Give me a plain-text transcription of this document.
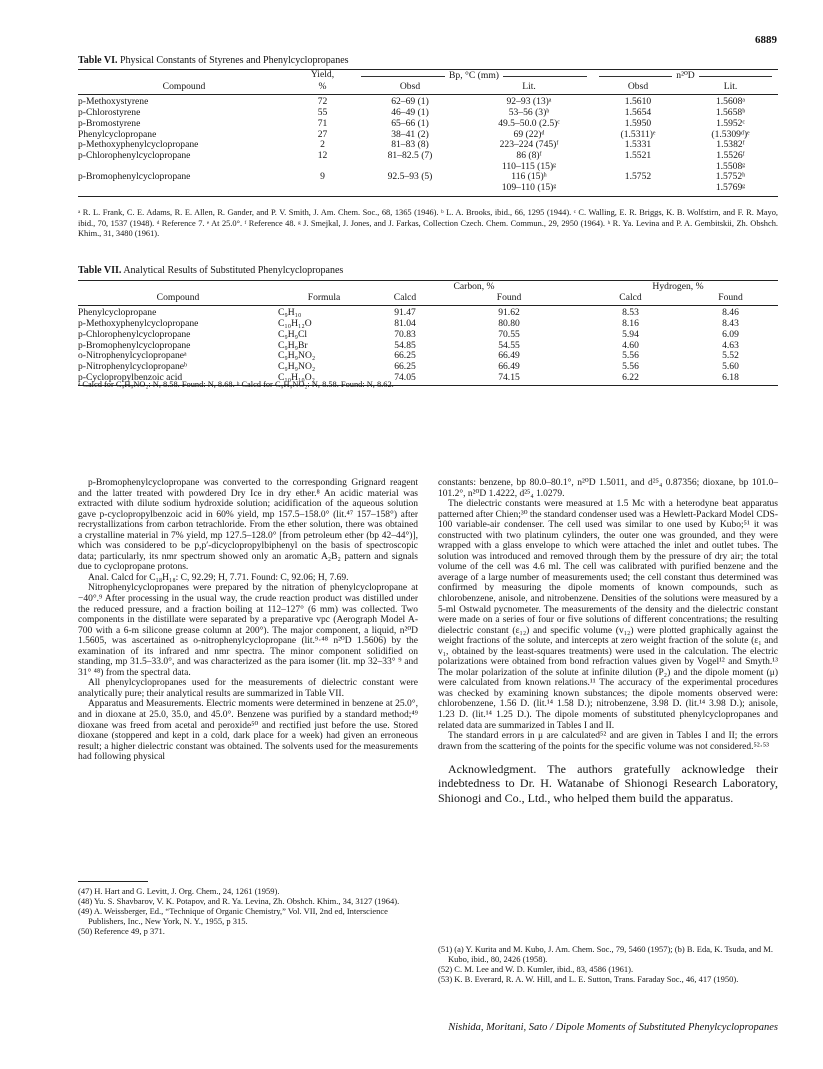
6889
Table VI. Physical Constants of Styrenes and Phenylcyclopropanes
	Yield,	Bp, °C (mm)		n²⁰D	

Compound	%	Obsd	Lit.	Obsd	Lit.
p-Methoxystyrene	72	62–69 (1)	92–93 (13)ᵃ	1.5610	1.5608ᵃ
p-Chlorostyrene	55	46–49 (1)	53–56 (3)ᵇ	1.5654	1.5658ᵇ
p-Bromostyrene	71	65–66 (1)	49.5–50.0 (2.5)ᶜ	1.5950	1.5952ᶜ
Phenylcyclopropane	27	38–41 (2)	69 (22)ᵈ	(1.5311)ᵉ	(1.5309ᵈ)ᵉ
p-Methoxyphenylcyclopropane	2	81–83 (8)	223–224 (745)ᶠ	1.5331	1.5382ᶠ
p-Chlorophenylcyclopropane	12	81–82.5 (7)	86 (8)ᶠ	1.5521	1.5526ᶠ
			110–115 (15)ᵍ		1.5508ᵍ
p-Bromophenylcyclopropane	9	92.5–93 (5)	116 (15)ʰ	1.5752	1.5752ʰ
			109–110 (15)ᵍ		1.5769ᵍ
ᵃ R. L. Frank, C. E. Adams, R. E. Allen, R. Gander, and P. V. Smith, J. Am. Chem. Soc., 68, 1365 (1946). ᵇ L. A. Brooks, ibid., 66, 1295 (1944). ᶜ C. Walling, E. R. Briggs, K. B. Wolfstirn, and F. R. Mayo, ibid., 70, 1537 (1948). ᵈ Reference 7. ᵉ At 25.0°. ᶠ Reference 48. ᵍ J. Smejkal, J. Jones, and J. Farkas, Collection Czech. Chem. Commun., 29, 2950 (1964). ʰ R. Ya. Levina and P. A. Gembitskii, Zh. Obshch. Khim., 31, 3480 (1961).
Table VII. Analytical Results of Substituted Phenylcyclopropanes

		Carbon, %		Hydrogen, %	

Compound	Formula	Calcd	Found	Calcd	Found
Phenylcyclopropane	C₉H₁₀	91.47	91.62	8.53	8.46
p-Methoxyphenylcyclopropane	C₁₀H₁₂O	81.04	80.80	8.16	8.43
p-Chlorophenylcyclopropane	C₉H₉Cl	70.83	70.55	5.94	6.09
p-Bromophenylcyclopropane	C₉H₉Br	54.85	54.55	4.60	4.63
o-Nitrophenylcyclopropaneᵃ	C₉H₉NO₂	66.25	66.49	5.56	5.52
p-Nitrophenylcyclopropaneᵇ	C₉H₉NO₂	66.25	66.49	5.56	5.60
p-Cyclopropylbenzoic acid	C₁₀H₁₀O₂	74.05	74.15	6.22	6.18
ᵃ Calcd for C₉H₉NO₂: N, 8.58. Found: N, 8.68. ᵇ Calcd for C₉H₉NO₂: N, 8.58. Found: N, 8.62.

p-Bromophenylcyclopropane was converted to the corresponding Grignard reagent and the latter treated with powdered Dry Ice in dry ether.⁸ An acidic material was extracted with dilute sodium hydroxide solution; acidification of the aqueous solution gave p-cyclopropylbenzoic acid in 60% yield, mp 157.5–158.0° (lit.⁴⁷ 157–158°) after recrystallizations from carbon tetrachloride. From the ether solution, there was obtained a crystalline material in 7% yield, mp 127.5–128.0° [from petroleum ether (bp 42–44°)], which was considered to be p,p′-dicyclopropylbiphenyl on the basis of spectroscopic data; particularly, its nmr spectrum showed only an aromatic A₂B₂ pattern and signals due to cyclopropane protons.

Anal. Calcd for C₁₈H₁₈: C, 92.29; H, 7.71. Found: C, 92.06; H, 7.69.

Nitrophenylcyclopropanes were prepared by the nitration of phenylcyclopropane at −40°.⁹ After processing in the usual way, the crude reaction product was distilled under the reduced pressure, and a fraction boiling at 112–127° (6 mm) was collected. Two components in the distillate were separated by a preparative vpc (Aerograph Model A-700 with a 6-m silicone grease column at 200°). The major component, a liquid, n²⁰D 1.5605, was ascertained as o-nitrophenylcyclopropane (lit.⁹·⁴⁸ n²⁰D 1.5606) by the examination of its infrared and nmr spectra. The minor component solidified on standing, mp 31.5–33.0°, and was characterized as the para isomer (lit. mp 32–33° ⁹ and 31° ⁴⁸) from the spectral data.

All phenylcyclopropanes used for the measurements of dielectric constant were analytically pure; their analytical results are summarized in Table VII.

Apparatus and Measurements. Electric moments were determined in benzene at 25.0°, and in dioxane at 25.0, 35.0, and 45.0°. Benzene was purified by a standard method;⁴⁹ dioxane was freed from acetal and peroxide⁵⁰ and rectified just before the use. Stored dioxane (stoppered and kept in a cold, dark place for a week) had given an erroneous result; a higher dielectric constant was obtained. The solvents used for the measurements had following physical

(47) H. Hart and G. Levitt, J. Org. Chem., 24, 1261 (1959).
(48) Yu. S. Shavbarov, V. K. Potapov, and R. Ya. Levina, Zh. Obshch. Khim., 34, 3127 (1964).
(49) A. Weissberger, Ed., “Technique of Organic Chemistry,” Vol. VII, 2nd ed, Interscience Publishers, Inc., New York, N. Y., 1955, p 315.
(50) Reference 49, p 371.

constants: benzene, bp 80.0–80.1°, n²⁰D 1.5011, and d²⁵₄ 0.87356; dioxane, bp 101.0–101.2°, n²⁰D 1.4222, d²⁵₄ 1.0279.

The dielectric constants were measured at 1.5 Mc with a heterodyne beat apparatus patterned after Chien;³⁰ the standard condenser used was a Hewlett-Packard Model CDS-100 variable-air condenser. The cell used was similar to one used by Kubo;⁵¹ it was constructed with two platinum cylinders, the outer one was grounded, and they were wrapped with a glass envelope to which were attached the inlet and outlet tubes. The solution was introduced and removed through them by the pressure of dry air; the total volume of the cell was 4.6 ml. The cell was calibrated with purified benzene and the average of a large number of measurements used; the cell constant thus determined was confirmed by measuring the dipole moments of known compounds, such as chlorobenzene, anisole, and nitrobenzene. Densities of the solutions were measured by a 5-ml Ostwald pycnometer. The measurements of the density and the dielectric constant were made on a series of four or five solutions of different concentrations; the resulting dielectric constant (ε₁₂) and specific volume (v₁₂) were plotted graphically against the weight fractions of the solute, and intercepts at zero weight fraction of the solute (ε₁ and v₁, obtained by the least-squares treatments) were used in the calculation. The electric polarizations were obtained from bond refraction values given by Vogel¹² and Smyth.¹³ The molar polarization of the solute at infinite dilution (P₂) and the dipole moment (μ) were calculated from known relations.¹¹ The accuracy of the experimental procedures was checked by examining known substances; the dipole moments observed were: chlorobenzene, 1.56 D. (lit.¹⁴ 1.58 D.); nitrobenzene, 3.98 D. (lit.¹⁴ 3.98 D.); anisole, 1.23 D. (lit.¹⁴ 1.25 D.). The dipole moments of substituted phenylcyclopropanes and related data are summarized in Tables I and II.

The standard errors in μ are calculated⁵² and are given in Tables I and II; the errors drawn from the scattering of the points for the specific volume was not considered.⁵²·⁵³

Acknowledgment. The authors gratefully acknowledge their indebtedness to Dr. H. Watanabe of Shionogi Research Laboratory, Shionogi and Co., Ltd., who helped them build the apparatus.

(51) (a) Y. Kurita and M. Kubo, J. Am. Chem. Soc., 79, 5460 (1957); (b) B. Eda, K. Tsuda, and M. Kubo, ibid., 80, 2426 (1958).
(52) C. M. Lee and W. D. Kumler, ibid., 83, 4586 (1961).
(53) K. B. Everard, R. A. W. Hill, and L. E. Sutton, Trans. Faraday Soc., 46, 417 (1950).
Nishida, Moritani, Sato / Dipole Moments of Substituted Phenylcyclopropanes
